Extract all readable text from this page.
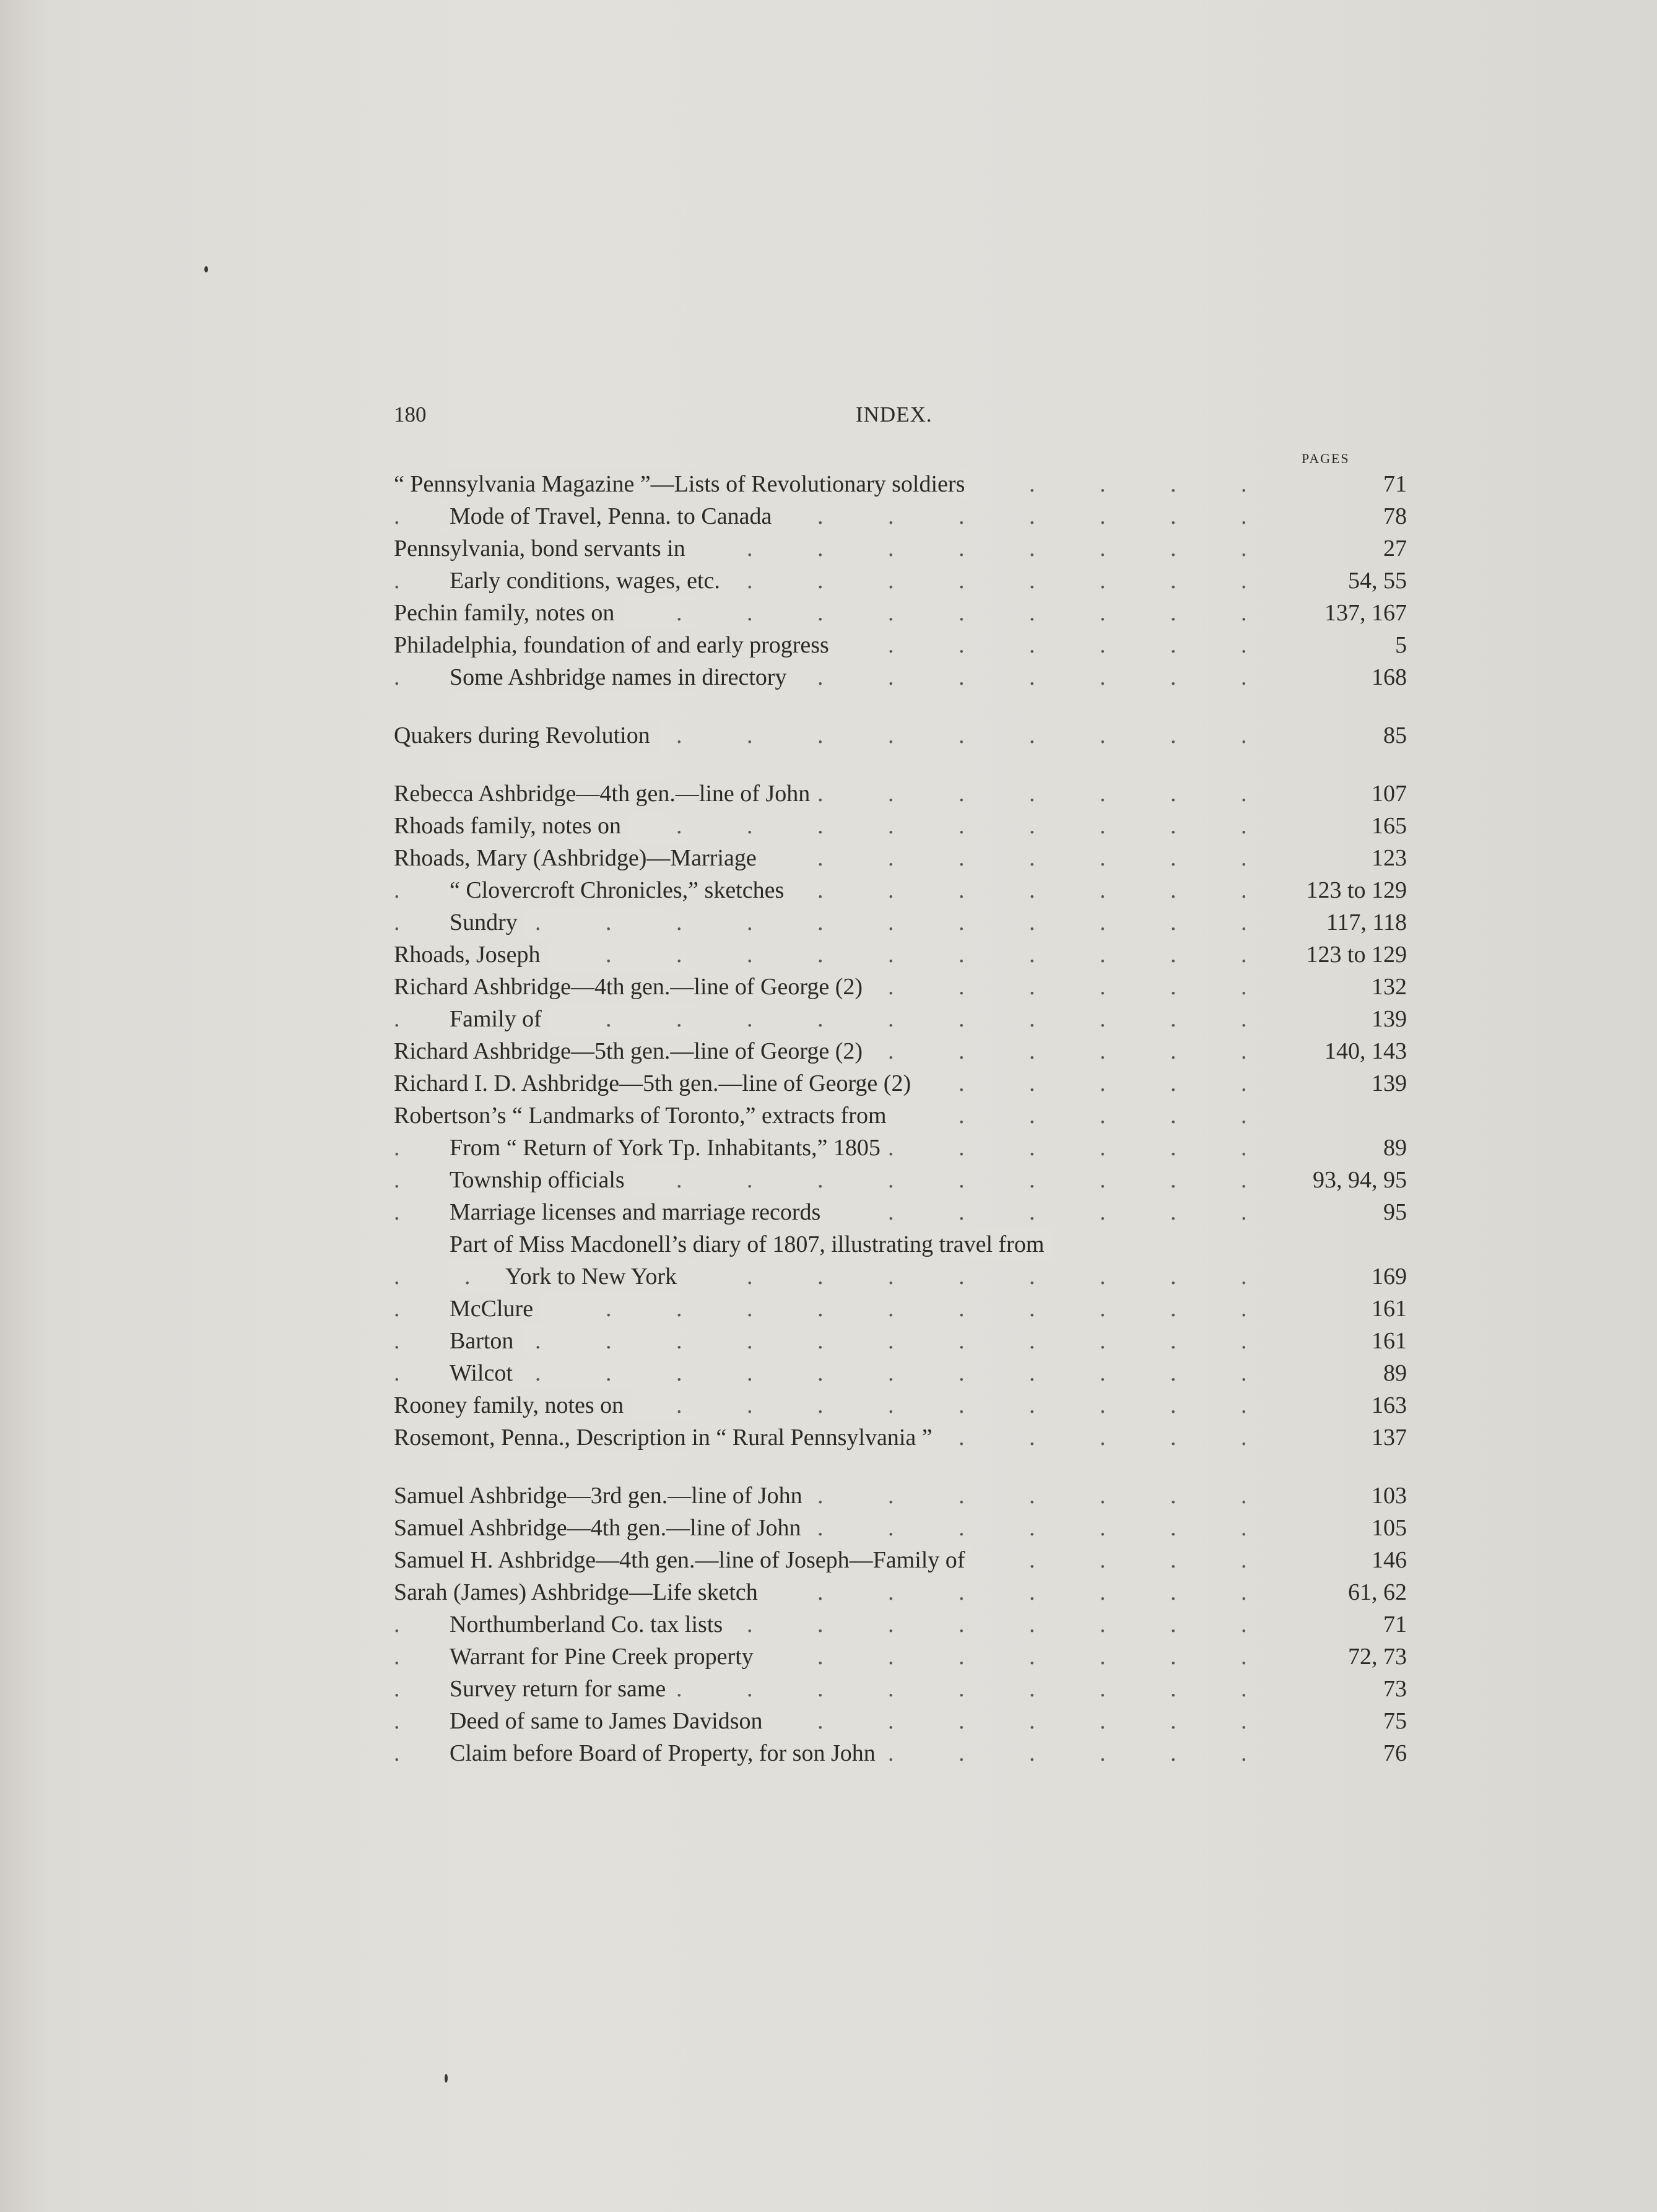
180	INDEX.
PAGES
.
“ Pennsylvania Magazine ”—Lists of Revolutionary soldiers	71
.
Mode of Travel, Penna. to Canada	78
.
Pennsylvania, bond servants in	27
.
Early conditions, wages, etc.	54, 55
.
Pechin family, notes on	137, 167
.
Philadelphia, foundation of and early progress	5
.
Some Ashbridge names in directory	168
.
Quakers during Revolution	85
.
Rebecca Ashbridge—4th gen.—line of John	107
.
Rhoads family, notes on	165
.
Rhoads, Mary (Ashbridge)—Marriage	123
.
“ Clovercroft Chronicles,” sketches	123 to 129
.
Sundry	117, 118
.
Rhoads, Joseph	123 to 129
.
Richard Ashbridge—4th gen.—line of George (2)	132
.
Family of	139
.
Richard Ashbridge—5th gen.—line of George (2)	140, 143
.
Richard I. D. Ashbridge—5th gen.—line of George (2)	139
.
Robertson’s “ Landmarks of Toronto,” extracts from
.
From “ Return of York Tp. Inhabitants,” 1805	89
.
Township officials	93, 94, 95
.
Marriage licenses and marriage records	95
Part of Miss Macdonell’s diary of 1807, illustrating travel from
.
York to New York	169
.
McClure	161
.
Barton	161
.
Wilcot	89
.
Rooney family, notes on	163
.
Rosemont, Penna., Description in “ Rural Pennsylvania ”	137
.
Samuel Ashbridge—3rd gen.—line of John	103
.
Samuel Ashbridge—4th gen.—line of John	105
.
Samuel H. Ashbridge—4th gen.—line of Joseph—Family of	146
.
Sarah (James) Ashbridge—Life sketch	61, 62
.
Northumberland Co. tax lists	71
.
Warrant for Pine Creek property	72, 73
.
Survey return for same	73
.
Deed of same to James Davidson	75
.
Claim before Board of Property, for son John	76
